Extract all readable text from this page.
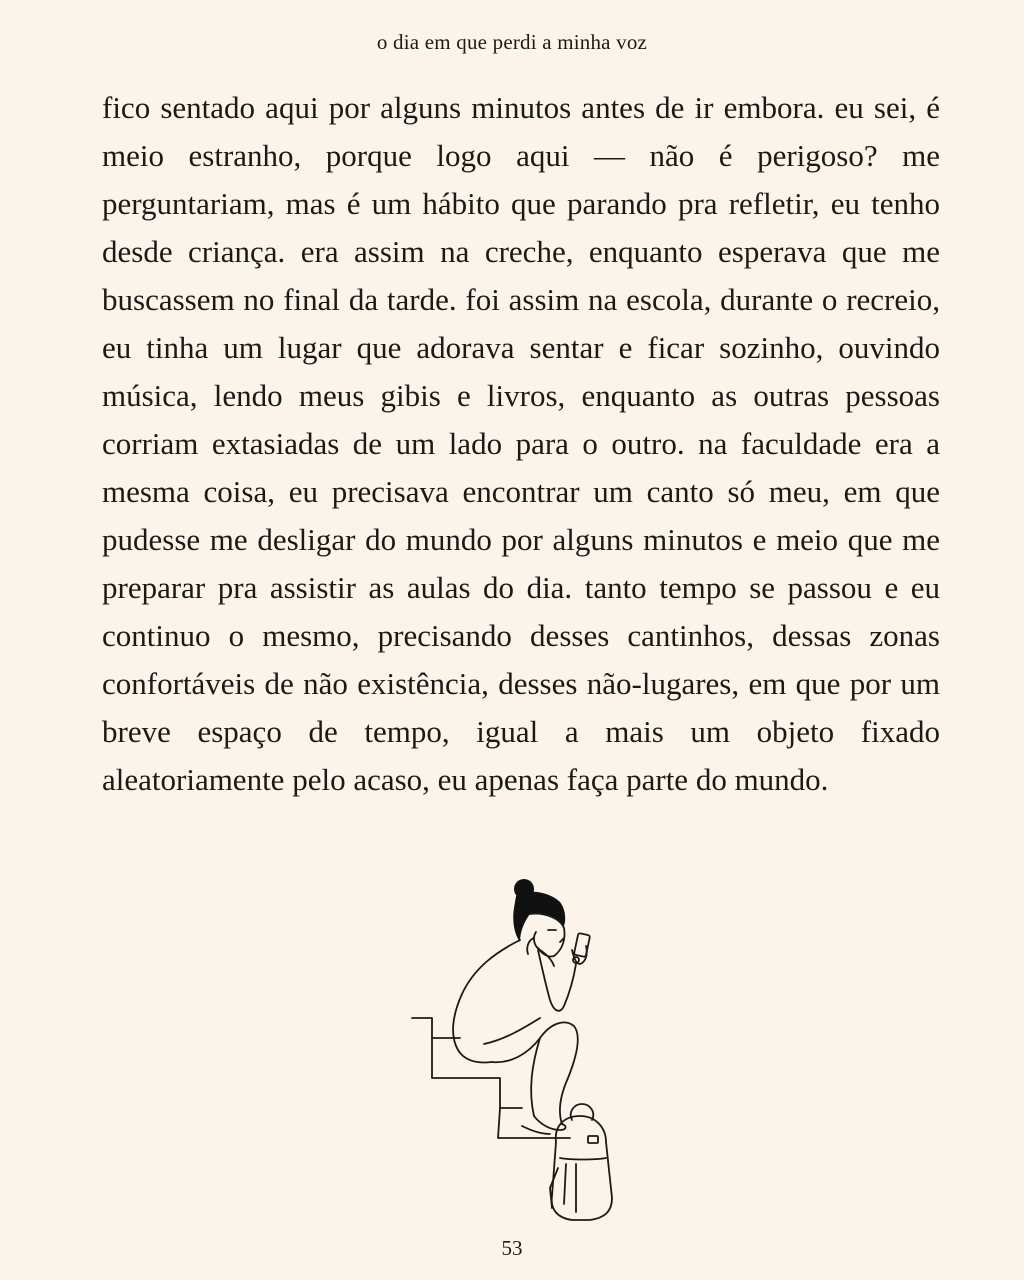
o dia em que perdi a minha voz

fico sentado aqui por alguns minutos antes de ir embora. eu sei, é meio estranho, porque logo aqui — não é perigoso? me perguntariam, mas é um hábito que parando pra refletir, eu tenho desde criança. era assim na creche, enquanto esperava que me buscassem no final da tarde. foi assim na escola, durante o recreio, eu tinha um lugar que adorava sentar e ficar sozinho, ouvindo música, lendo meus gibis e livros, enquanto as outras pessoas corriam extasiadas de um lado para o outro. na faculdade era a mesma coisa, eu precisava encontrar um canto só meu, em que pudesse me desligar do mundo por alguns minutos e meio que me preparar pra assistir as aulas do dia. tanto tempo se passou e eu continuo o mesmo, precisando desses cantinhos, dessas zonas confortáveis de não existência, desses não-lugares, em que por um breve espaço de tempo, igual a mais um objeto fixado aleatoriamente pelo acaso, eu apenas faça parte do mundo.

53
